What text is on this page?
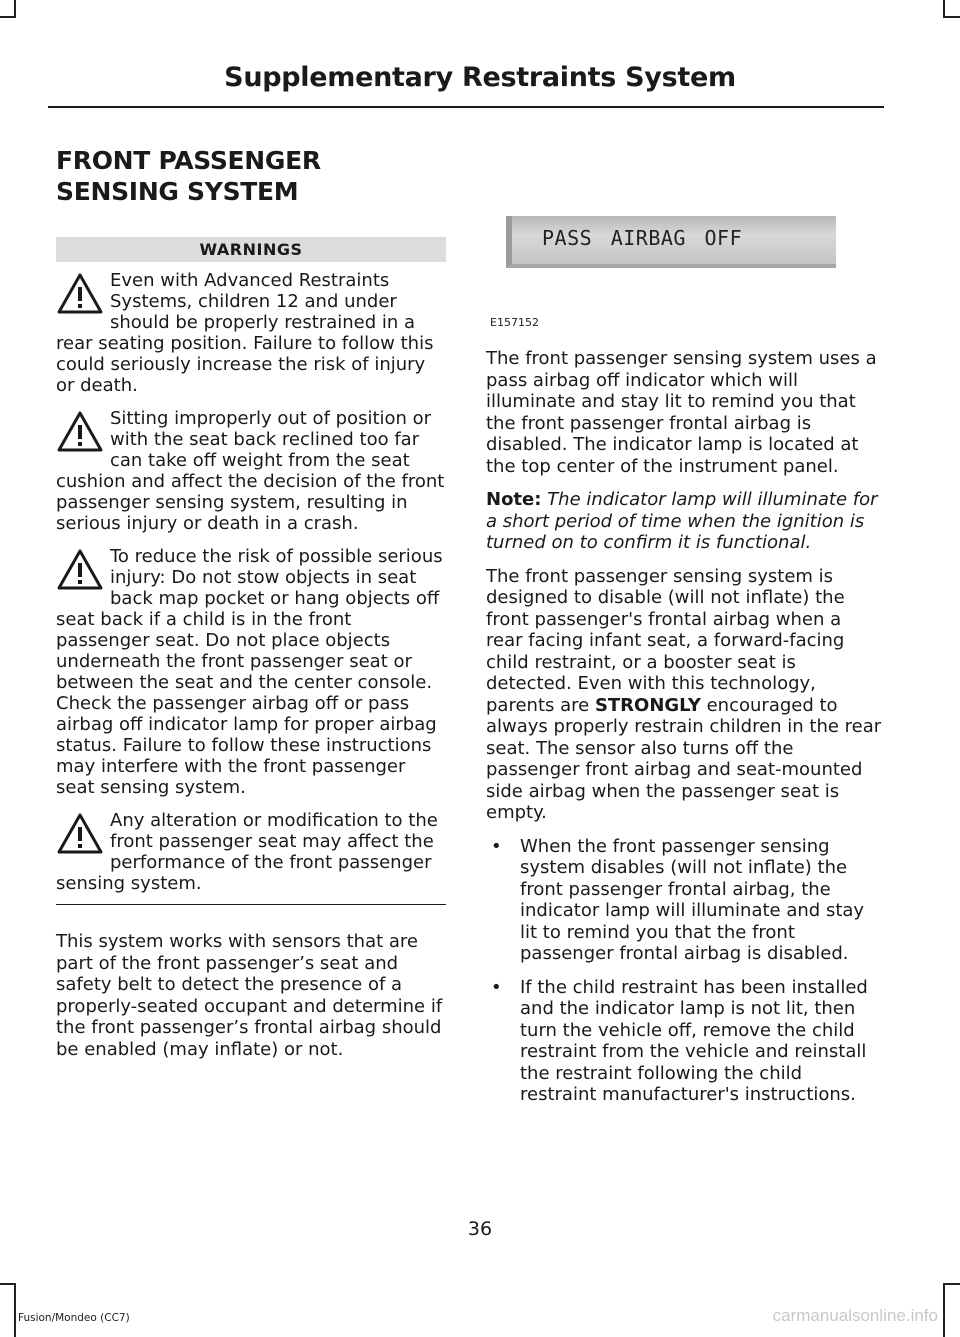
Supplementary Restraints System
FRONT PASSENGER SENSING SYSTEM
WARNINGS
Even with Advanced Restraints Systems, children 12 and under should be properly restrained in a rear seating position. Failure to follow this could seriously increase the risk of injury or death.
Sitting improperly out of position or with the seat back reclined too far can take off weight from the seat cushion and affect the decision of the front passenger sensing system, resulting in serious injury or death in a crash.
To reduce the risk of possible serious injury: Do not stow objects in seat back map pocket or hang objects off seat back if a child is in the front passenger seat. Do not place objects underneath the front passenger seat or between the seat and the center console. Check the passenger airbag off or pass airbag off indicator lamp for proper airbag status. Failure to follow these instructions may interfere with the front passenger seat sensing system.
Any alteration or modification to the front passenger seat may affect the performance of the front passenger sensing system.

This system works with sensors that are part of the front passenger’s seat and safety belt to detect the presence of a properly-seated occupant and determine if the front passenger’s frontal airbag should be enabled (may inflate) or not.

PASS AIRBAG OFF
E157152

The front passenger sensing system uses a pass airbag off indicator which will illuminate and stay lit to remind you that the front passenger frontal airbag is disabled. The indicator lamp is located at the top center of the instrument panel.

Note: The indicator lamp will illuminate for a short period of time when the ignition is turned on to confirm it is functional.

The front passenger sensing system is designed to disable (will not inflate) the front passenger's frontal airbag when a rear facing infant seat, a forward-facing child restraint, or a booster seat is detected. Even with this technology, parents are STRONGLY encouraged to always properly restrain children in the rear seat. The sensor also turns off the passenger front airbag and seat-mounted side airbag when the passenger seat is empty.

• When the front passenger sensing system disables (will not inflate) the front passenger frontal airbag, the indicator lamp will illuminate and stay lit to remind you that the front passenger frontal airbag is disabled.
• If the child restraint has been installed and the indicator lamp is not lit, then turn the vehicle off, remove the child restraint from the vehicle and reinstall the restraint following the child restraint manufacturer's instructions.
36
Fusion/Mondeo (CC7)	carmanualsonline.info
